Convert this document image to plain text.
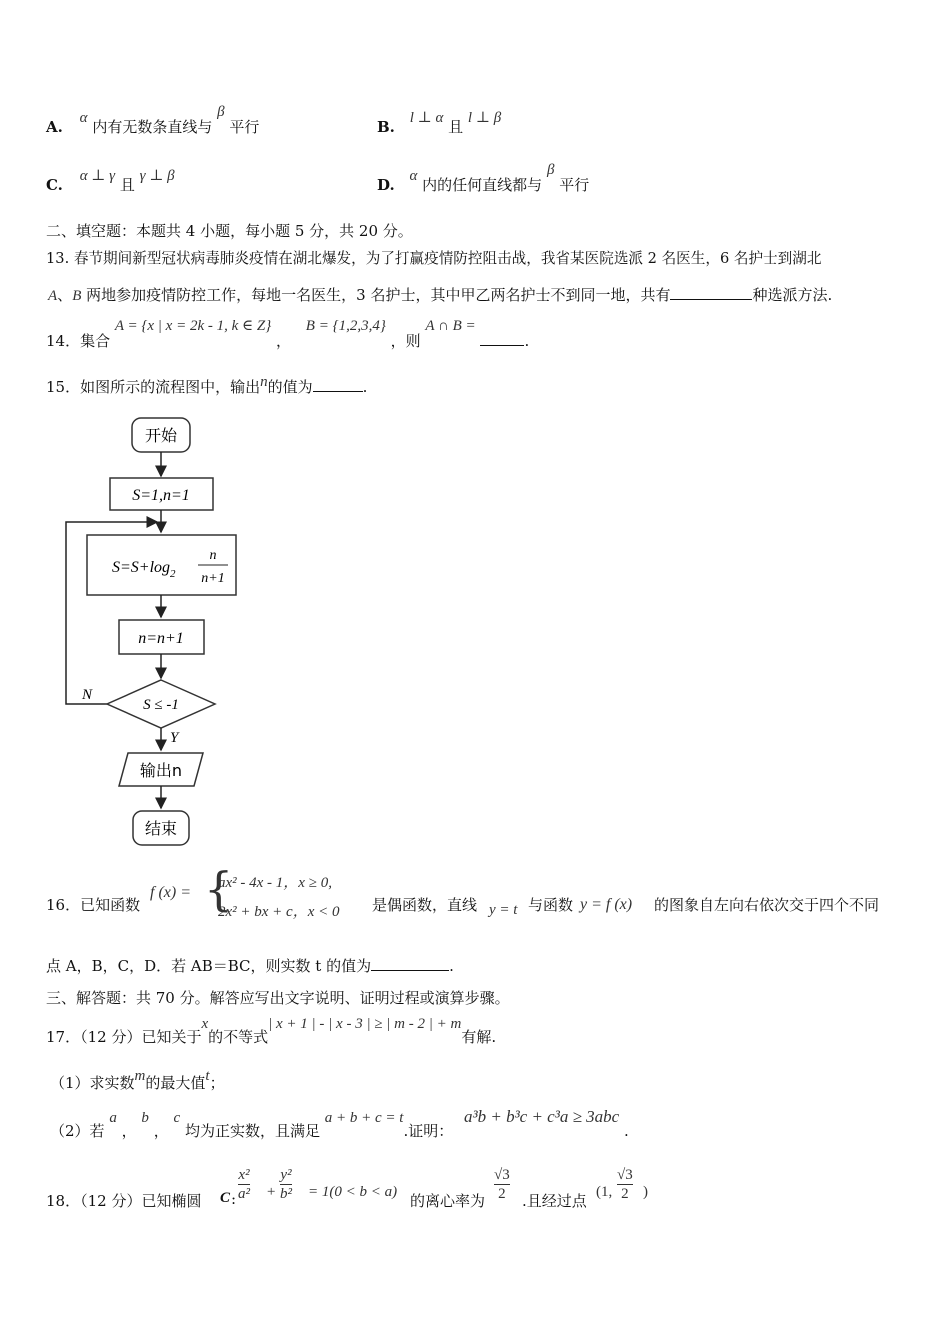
A. α 内有无数条直线与 β 平行	B. l ⊥ α 且 l ⊥ β
C. α ⊥ γ 且 γ ⊥ β	D. α 内的任何直线都与 β 平行
二、填空题：本题共 4 小题，每小题 5 分，共 20 分。
13. 春节期间新型冠状病毒肺炎疫情在湖北爆发，为了打赢疫情防控阻击战，我省某医院选派 2 名医生，6 名护士到湖北
A、B 两地参加疫情防控工作，每地一名医生，3 名护士，其中甲乙两名护士不到同一地，共有	种选派方法.
14．集合 A = {x | x = 2k - 1, k ∈ Z} ， B = {1,2,3,4} ，则 A ∩ B = .
15．如图所示的流程图中，输出n的值为	.
开始
S=1,n=1
$S=S+\log_2$
n
n+1
n=n+1
S ≤ -1
N
Y
输出n
结束
16．已知函数
f (x) = {
ax² - 4x - 1，x ≥ 0,
2x² + bx + c，x < 0 是偶函数，直线 y = t 与函数 y = f (x) 的图象自左向右依次交于四个不同
点 A，B，C，D．若 AB＝BC，则实数 t 的值为	.
三、解答题：共 70 分。解答应写出文字说明、证明过程或演算步骤。
17．（12 分）已知关于x的不等式| x + 1 | - | x - 3 | ≥ | m - 2 | + m有解.
（1）求实数m的最大值t；
（2）若 a ， b ， c 均为正实数，且满足 a + b + c = t.证明： a³b + b³c + c³a ≥ 3abc .
18．（12 分）已知椭圆 C : $\frac{\text{x²}}{\text{a²}} + \frac{\text{y²}}{\text{b²}} = 1(0 < b < a)$ 的离心率为 $\frac{√3}{2}$ .且经过点 (1, $\frac{√3}{2}$ )
